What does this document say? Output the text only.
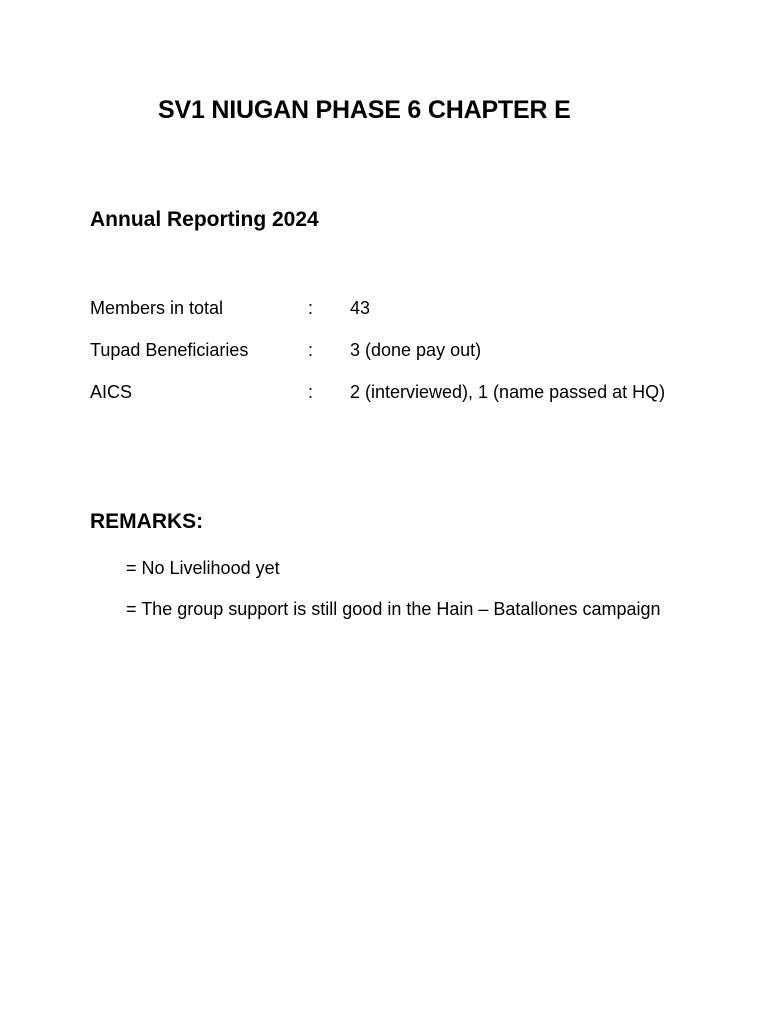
SV1 NIUGAN PHASE 6 CHAPTER E
Annual Reporting 2024
Members in total	: 43
Tupad Beneficiaries	: 3 (done pay out)
AICS	: 2 (interviewed), 1 (name passed at HQ)
REMARKS:
= No Livelihood yet
= The group support is still good in the Hain – Batallones campaign
